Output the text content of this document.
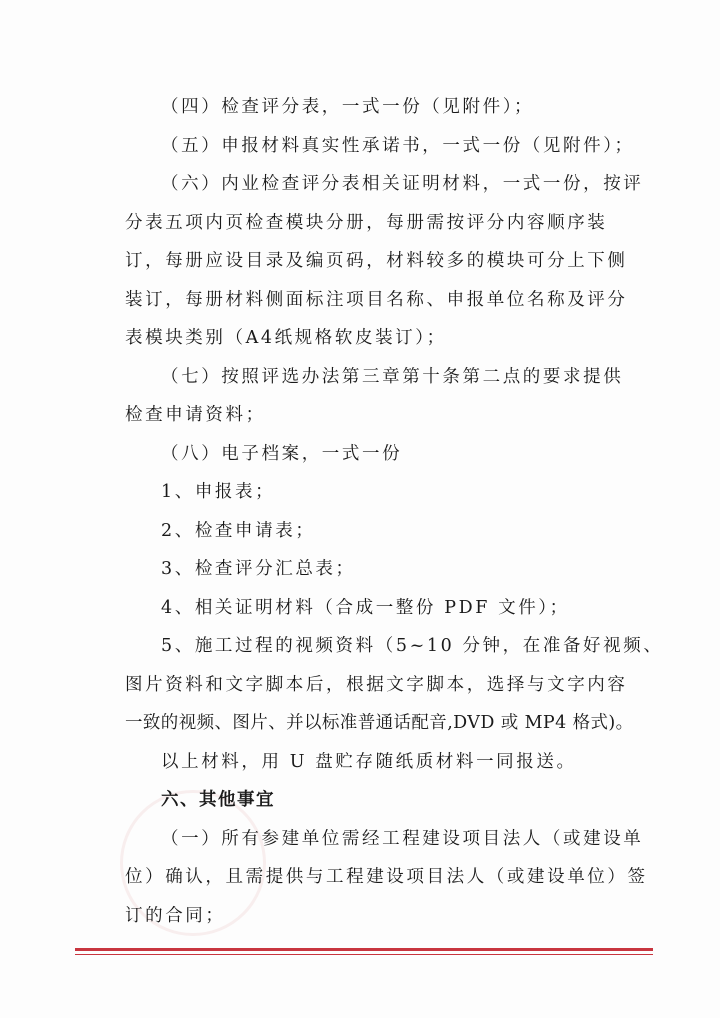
（四）检查评分表，一式一份（见附件）；
（五）申报材料真实性承诺书，一式一份（见附件）；
（六）内业检查评分表相关证明材料，一式一份，按评
分表五项内页检查模块分册，每册需按评分内容顺序装
订，每册应设目录及编页码，材料较多的模块可分上下侧
装订，每册材料侧面标注项目名称、申报单位名称及评分
表模块类别（A4纸规格软皮装订）；
（七）按照评选办法第三章第十条第二点的要求提供
检查申请资料；
（八）电子档案，一式一份
1、申报表；
2、检查申请表；
3、检查评分汇总表；
4、相关证明材料（合成一整份 PDF 文件）；
5、施工过程的视频资料（5~10 分钟，在准备好视频、
图片资料和文字脚本后，根据文字脚本，选择与文字内容
一致的视频、图片、并以标准普通话配音,DVD 或 MP4 格式)。
以上材料，用 U 盘贮存随纸质材料一同报送。
六、其他事宜
（一）所有参建单位需经工程建设项目法人（或建设单
位）确认，且需提供与工程建设项目法人（或建设单位）签
订的合同；
